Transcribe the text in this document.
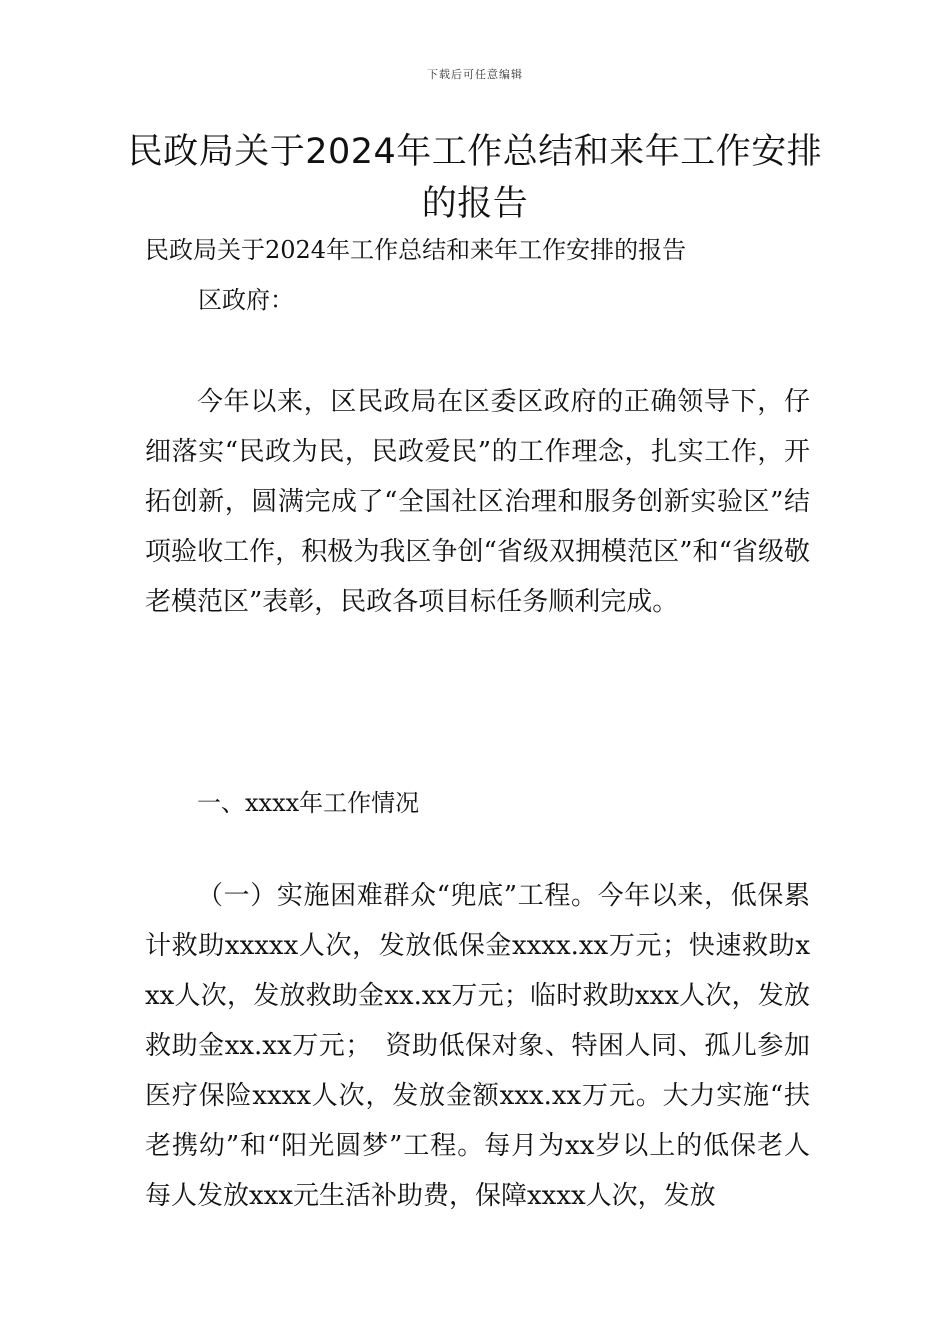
下载后可任意编辑
民政局关于2024年工作总结和来年工作安排的报告
民政局关于2024年工作总结和来年工作安排的报告
区政府：
今年以来，区民政局在区委区政府的正确领导下，仔细落实“民政为民，民政爱民”的工作理念，扎实工作，开拓创新，圆满完成了“全国社区治理和服务创新实验区”结项验收工作，积极为我区争创“省级双拥模范区”和“省级敬老模范区”表彰，民政各项目标任务顺利完成。
一、xxxx年工作情况
（一）实施困难群众“兜底”工程。今年以来，低保累计救助xxxxx人次，发放低保金xxxx.xx万元；快速救助xxx人次，发放救助金xx.xx万元；临时救助xxx人次，发放救助金xx.xx万元；　资助低保对象、特困人同、孤儿参加医疗保险xxxx人次，发放金额xxx.xx万元。大力实施“扶老携幼”和“阳光圆梦”工程。每月为xx岁以上的低保老人每人发放xxx元生活补助费，保障xxxx人次，发放
